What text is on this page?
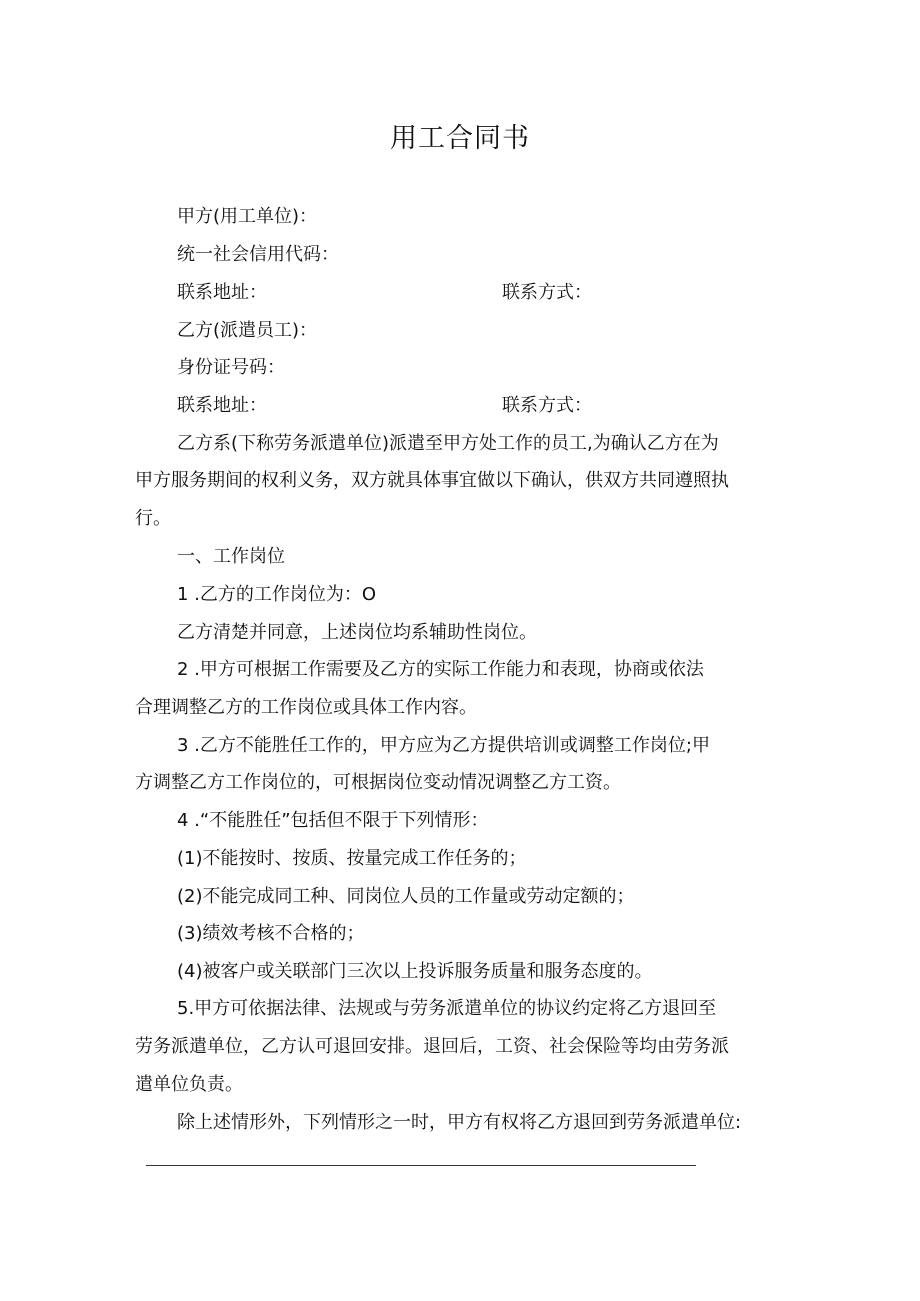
用工合同书
甲方(用工单位)：
统一社会信用代码：
联系地址：	联系方式：
乙方(派遣员工)：
身份证号码：
联系地址：	联系方式：
乙方系(下称劳务派遣单位)派遣至甲方处工作的员工,为确认乙方在为
甲方服务期间的权利义务，双方就具体事宜做以下确认，供双方共同遵照执
行。
一、工作岗位
1 .乙方的工作岗位为：O
乙方清楚并同意，上述岗位均系辅助性岗位。
2 .甲方可根据工作需要及乙方的实际工作能力和表现，协商或依法
合理调整乙方的工作岗位或具体工作内容。
3 .乙方不能胜任工作的，甲方应为乙方提供培训或调整工作岗位;甲
方调整乙方工作岗位的，可根据岗位变动情况调整乙方工资。
4 .“不能胜任”包括但不限于下列情形：
(1)不能按时、按质、按量完成工作任务的；
(2)不能完成同工种、同岗位人员的工作量或劳动定额的；
(3)绩效考核不合格的；
(4)被客户或关联部门三次以上投诉服务质量和服务态度的。
5.甲方可依据法律、法规或与劳务派遣单位的协议约定将乙方退回至
劳务派遣单位，乙方认可退回安排。退回后，工资、社会保险等均由劳务派
遣单位负责。
除上述情形外，下列情形之一时，甲方有权将乙方退回到劳务派遣单位:
